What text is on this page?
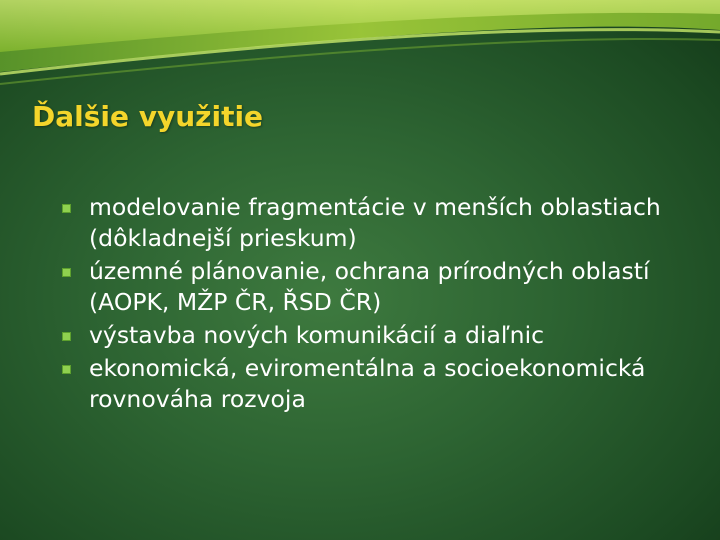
Ďalšie využitie
modelovanie fragmentácie v menších oblastiach (dôkladnejší prieskum)
územné plánovanie, ochrana prírodných oblastí (AOPK, MŽP ČR, ŘSD ČR)
výstavba nových komunikácií a diaľnic
ekonomická, eviromentálna a socioekonomická rovnováha rozvoja
